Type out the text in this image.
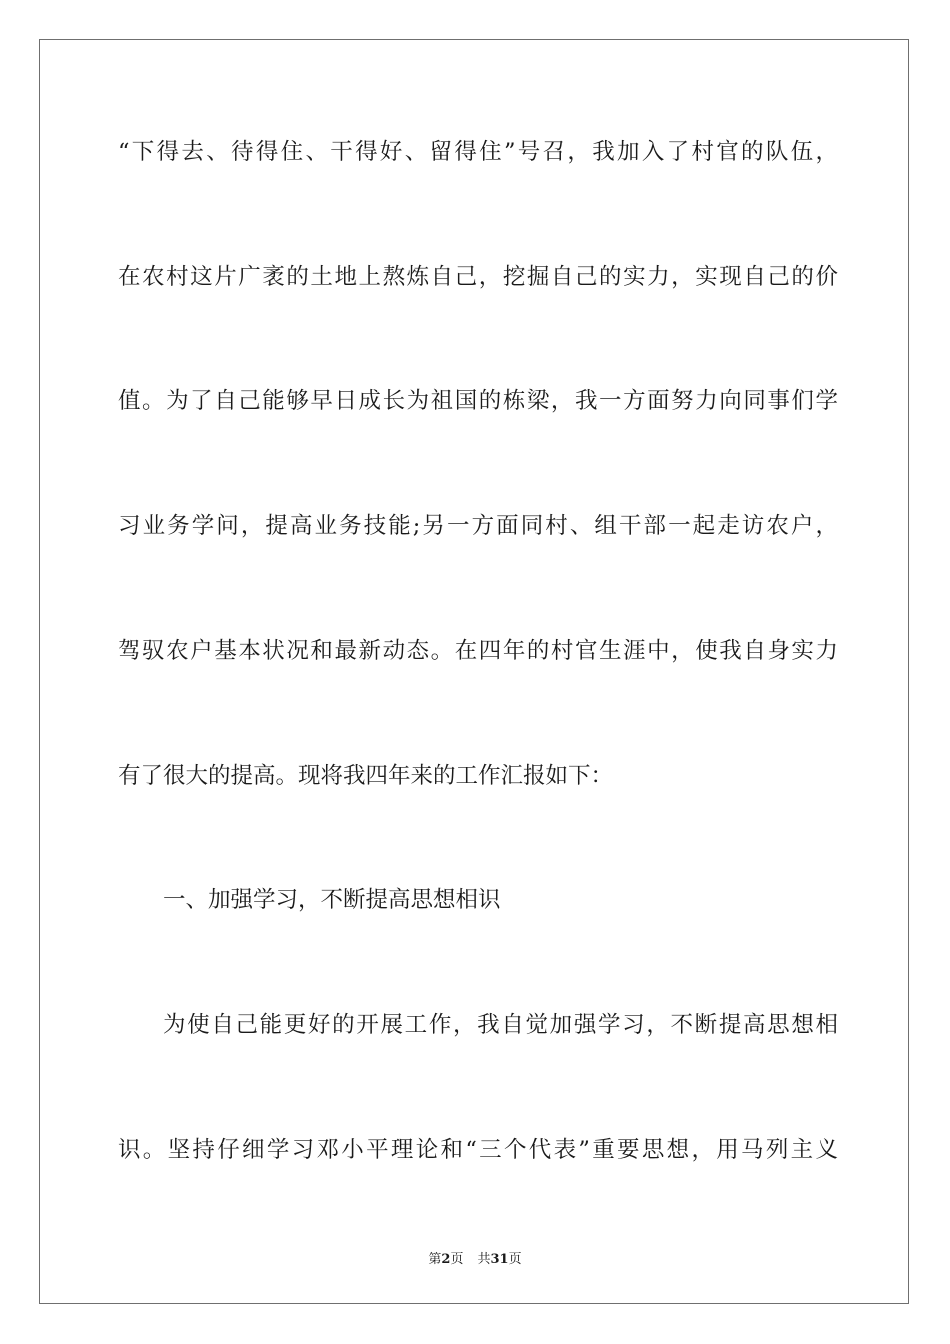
“下得去、待得住、干得好、留得住”号召，我加入了村官的队伍，
在农村这片广袤的土地上熬炼自己，挖掘自己的实力，实现自己的价
值。为了自己能够早日成长为祖国的栋梁，我一方面努力向同事们学
习业务学问，提高业务技能;另一方面同村、组干部一起走访农户，
驾驭农户基本状况和最新动态。在四年的村官生涯中，使我自身实力
有了很大的提高。现将我四年来的工作汇报如下：
一、加强学习，不断提高思想相识
为使自己能更好的开展工作，我自觉加强学习，不断提高思想相
识。坚持仔细学习邓小平理论和“三个代表”重要思想，用马列主义
第2页 共31页
